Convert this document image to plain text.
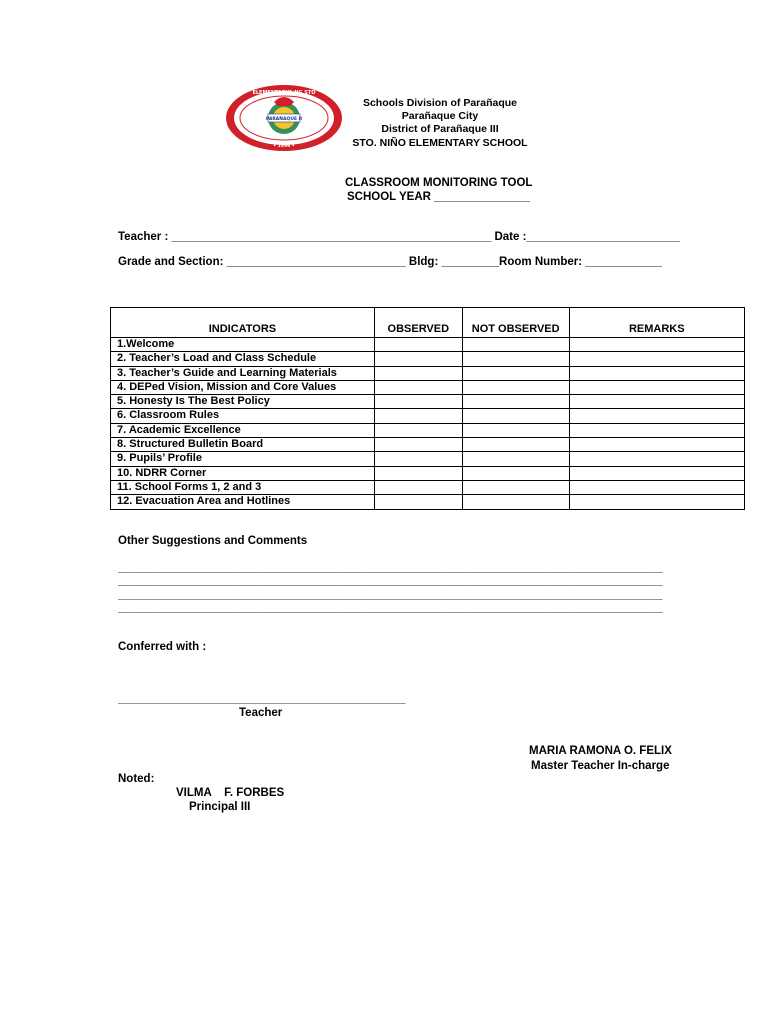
ELEMENTARYA NG STO
PARAÑAQUE II
• 1996 •
Schools Division of Parañaque
Parañaque City
District of Parañaque III
STO. NIÑO ELEMENTARY SCHOOL
CLASSROOM MONITORING TOOL
SCHOOL YEAR _______________
Teacher : __________________________________________________ Date :________________________
Grade and Section: ____________________________ Bldg: _________Room Number: ____________
INDICATORS	OBSERVED	NOT OBSERVED	REMARKS
1.Welcome			
2. Teacher’s Load and Class Schedule			
3. Teacher’s Guide and Learning Materials			
4. DEPed Vision, Mission and Core Values			
5. Honesty Is The Best Policy			
6. Classroom Rules			
7. Academic Excellence			
8. Structured Bulletin Board			
9. Pupils’ Profile			
10. NDRR Corner			
11. School Forms 1, 2 and 3			
12. Evacuation Area and Hotlines			
Other Suggestions and Comments
_________________________________________________________________________________________
_________________________________________________________________________________________
_________________________________________________________________________________________
_________________________________________________________________________________________
Conferred with :
_______________________________________________
Teacher
MARIA RAMONA O. FELIX
Master Teacher In-charge
Noted:
VILMA    F. FORBES
Principal III
